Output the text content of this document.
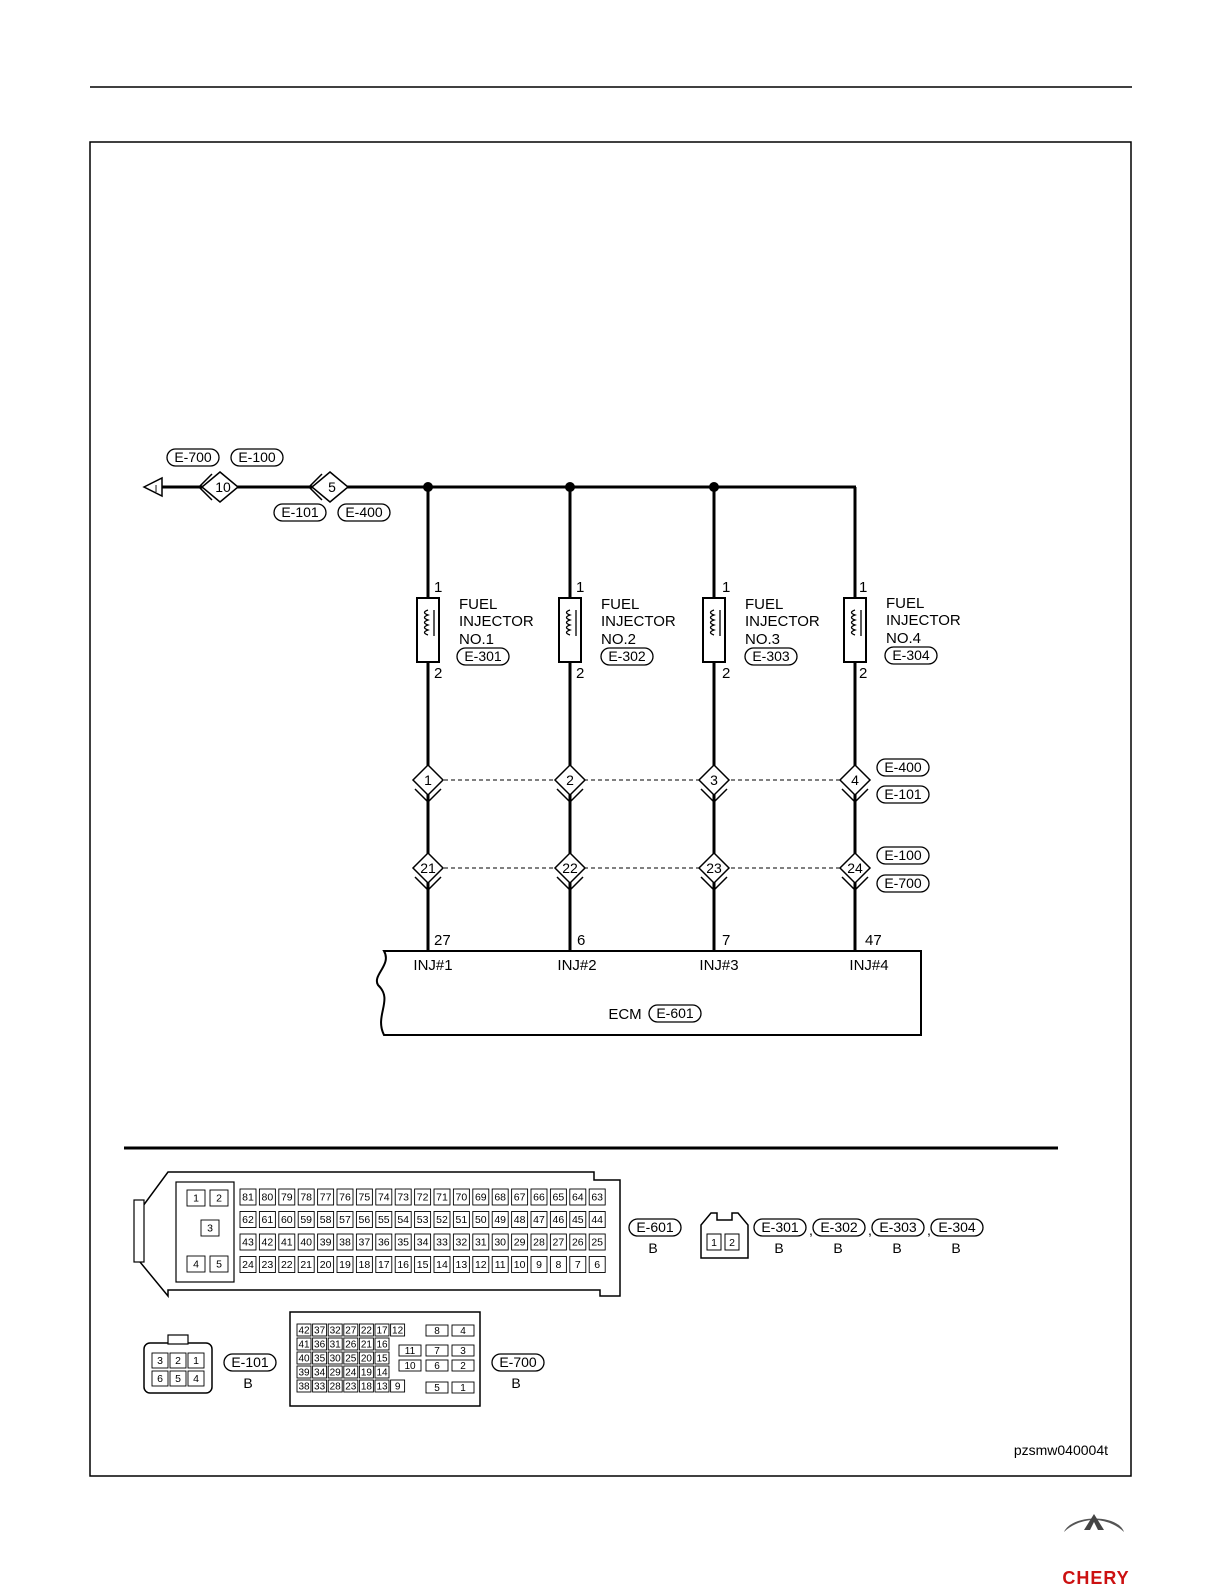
I	10	5
E-700 E-100
E-101 E-400
1
2
FUEL
INJECTOR
NO.1
E-301
1
2
FUEL
INJECTOR
NO.2
E-302
1
2
FUEL
INJECTOR
NO.3
E-303
1
2
FUEL
INJECTOR
NO.4
E-304
1	2	3	4
E-400
E-101
21	22	23	24
E-100
E-700
27	6	7	47
INJ#1	INJ#2	INJ#3	INJ#4
ECM E-601
1 2
3
4 5
81 80 79 78 77 76 75 74 73 72 71 70 69 68 67 66 65 64 63
62 61 60 59 58 57 56 55 54 53 52 51 50 49 48 47 46 45 44
43 42 41 40 39 38 37 36 35 34 33 32 31 30 29 28 27 26 25
24 23 22 21 20 19 18 17 16 15 14 13 12 11 10 9 8 7 6
E-601
B	1 2
E-301 , E-302 , E-303 , E-304
B	B	B	B
3 2 1
6 5 4
E-101
B
42 37 32 27 22 17 12
41 36 31 26 21 16
40 35 30 25 20 15
39 34 29 24 19 14
38 33 28 23 18 13 9
8 4
11 7 3
10 6 2
5 1
E-700
B
pzsmw040004t
CHERY
